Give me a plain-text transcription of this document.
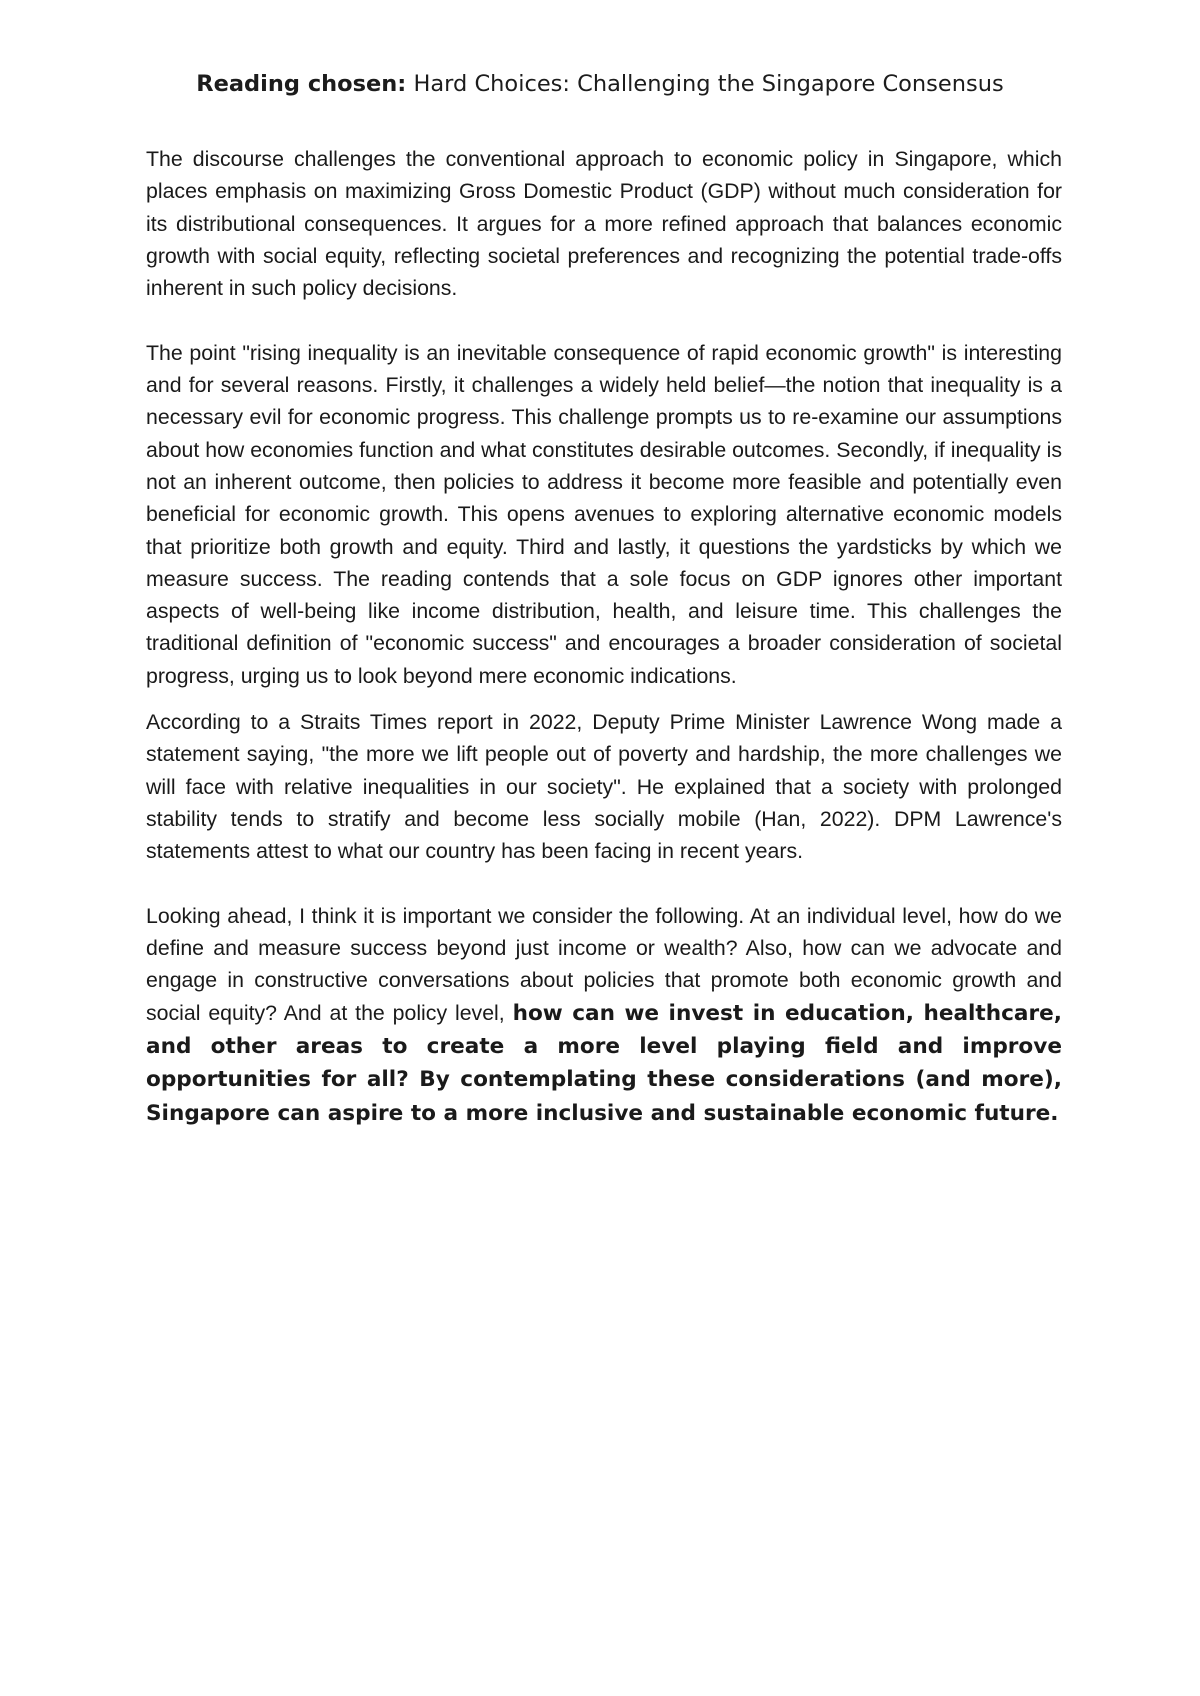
Reading chosen: Hard Choices: Challenging the Singapore Consensus

The discourse challenges the conventional approach to economic policy in Singapore, which places emphasis on maximizing Gross Domestic Product (GDP) without much consideration for its distributional consequences. It argues for a more refined approach that balances economic growth with social equity, reflecting societal preferences and recognizing the potential trade-offs inherent in such policy decisions.

The point "rising inequality is an inevitable consequence of rapid economic growth" is interesting and for several reasons. Firstly, it challenges a widely held belief—the notion that inequality is a necessary evil for economic progress. This challenge prompts us to re-examine our assumptions about how economies function and what constitutes desirable outcomes. Secondly, if inequality is not an inherent outcome, then policies to address it become more feasible and potentially even beneficial for economic growth. This opens avenues to exploring alternative economic models that prioritize both growth and equity. Third and lastly, it questions the yardsticks by which we measure success. The reading contends that a sole focus on GDP ignores other important aspects of well-being like income distribution, health, and leisure time. This challenges the traditional definition of "economic success" and encourages a broader consideration of societal progress, urging us to look beyond mere economic indications.

According to a Straits Times report in 2022, Deputy Prime Minister Lawrence Wong made a statement saying, "the more we lift people out of poverty and hardship, the more challenges we will face with relative inequalities in our society". He explained that a society with prolonged stability tends to stratify and become less socially mobile (Han, 2022). DPM Lawrence's statements attest to what our country has been facing in recent years.

Looking ahead, I think it is important we consider the following. At an individual level, how do we define and measure success beyond just income or wealth? Also, how can we advocate and engage in constructive conversations about policies that promote both economic growth and social equity? And at the policy level, how can we invest in education, healthcare, and other areas to create a more level playing field and improve opportunities for all? By contemplating these considerations (and more), Singapore can aspire to a more inclusive and sustainable economic future.
